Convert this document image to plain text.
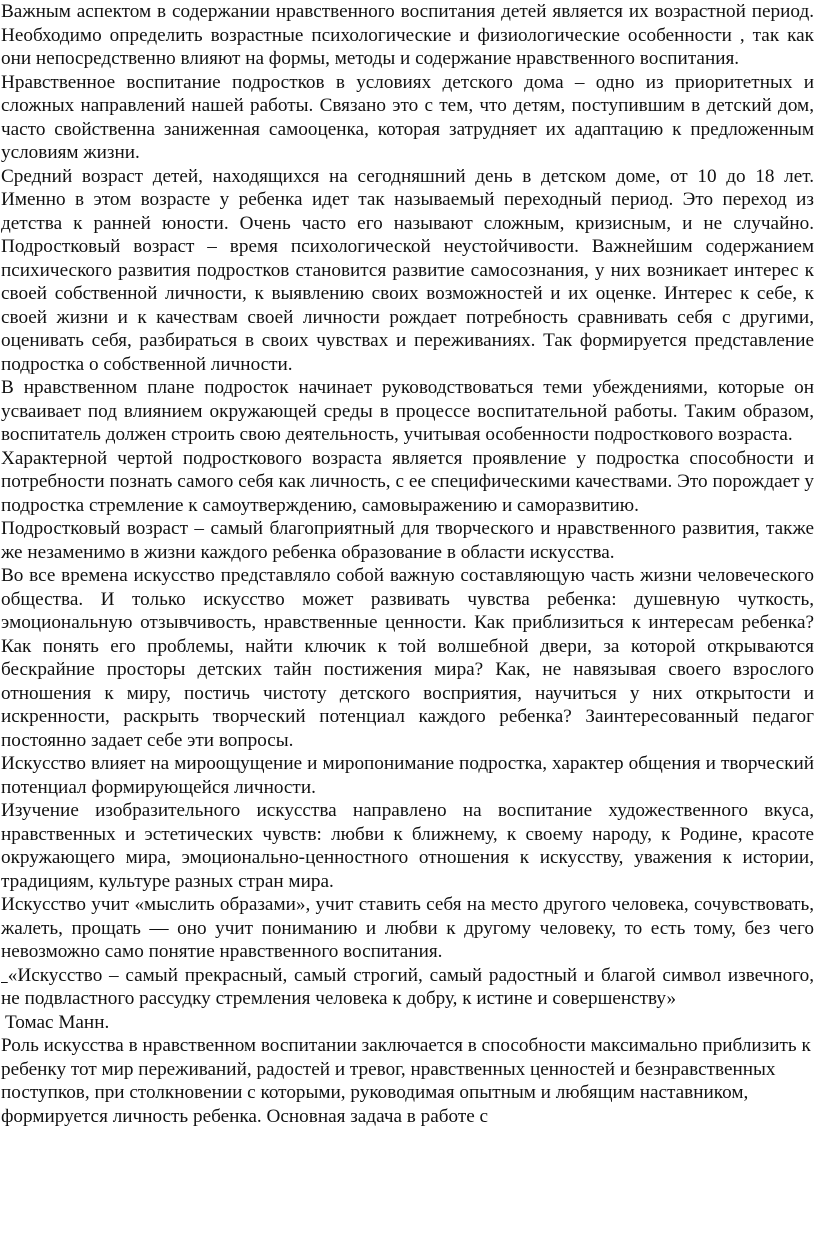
Важным аспектом в содержании нравственного воспитания детей является их возрастной период. Необходимо определить возрастные психологические и физиологические особенности , так как они непосредственно влияют на формы, методы и содержание нравственного воспитания.

Нравственное воспитание подростков в условиях детского дома – одно из приоритетных и сложных направлений нашей работы. Связано это с тем, что детям, поступившим в детский дом, часто свойственна заниженная самооценка, которая затрудняет их адаптацию к предложенным условиям жизни.

Средний возраст детей, находящихся на сегодняшний день в детском доме, от 10 до 18 лет. Именно в этом возрасте у ребенка идет так называемый переходный период. Это переход из детства к ранней юности. Очень часто его называют сложным, кризисным, и не случайно. Подростковый возраст – время психологической неустойчивости. Важнейшим содержанием психического развития подростков становится развитие самосознания, у них возникает интерес к своей собственной личности, к выявлению своих возможностей и их оценке. Интерес к себе, к своей жизни и к качествам своей личности рождает потребность сравнивать себя с другими, оценивать себя, разбираться в своих чувствах и переживаниях. Так формируется представление подростка о собственной личности.

В нравственном плане подросток начинает руководствоваться теми убеждениями, которые он усваивает под влиянием окружающей среды в процессе воспитательной работы. Таким образом, воспитатель должен строить свою деятельность, учитывая особенности подросткового возраста.

Характерной чертой подросткового возраста является проявление у подростка способности и потребности познать самого себя как личность, с ее специфическими качествами. Это порождает у подростка стремление к самоутверждению, самовыражению и саморазвитию.

Подростковый возраст – самый благоприятный для творческого и нравственного развития, также же незаменимо в жизни каждого ребенка образование в области искусства.

Во все времена искусство представляло собой важную составляющую часть жизни человеческого общества. И только искусство может развивать чувства ребенка: душевную чуткость, эмоциональную отзывчивость, нравственные ценности. Как приблизиться к интересам ребенка? Как понять его проблемы, найти ключик к той волшебной двери, за которой открываются бескрайние просторы детских тайн постижения мира? Как, не навязывая своего взрослого отношения к миру, постичь чистоту детского восприятия, научиться у них открытости и искренности, раскрыть творческий потенциал каждого ребенка? Заинтересованный педагог постоянно задает себе эти вопросы.

Искусство влияет на мироощущение и миропонимание подростка, характер общения и творческий потенциал формирующейся личности.

Изучение изобразительного искусства направлено на воспитание художественного вкуса, нравственных и эстетических чувств: любви к ближнему, к своему народу, к Родине, красоте окружающего мира, эмоционально-ценностного отношения к искусству, уважения к истории, традициям, культуре разных стран мира.

Искусство учит «мыслить образами», учит ставить себя на место другого человека, сочувствовать, жалеть, прощать — оно учит пониманию и любви к другому человеку, то есть тому, без чего невозможно само понятие нравственного воспитания.

«Искусство – самый прекрасный, самый строгий, самый радостный и благой символ извечного, не подвластного рассудку стремления человека к добру, к истине и совершенству»

Томас Манн.

Роль искусства в нравственном воспитании заключается в способности максимально приблизить к ребенку тот мир переживаний, радостей и тревог, нравственных ценностей и безнравственных поступков, при столкновении с которыми, руководимая опытным и любящим наставником, формируется личность ребенка. Основная задача в работе с
